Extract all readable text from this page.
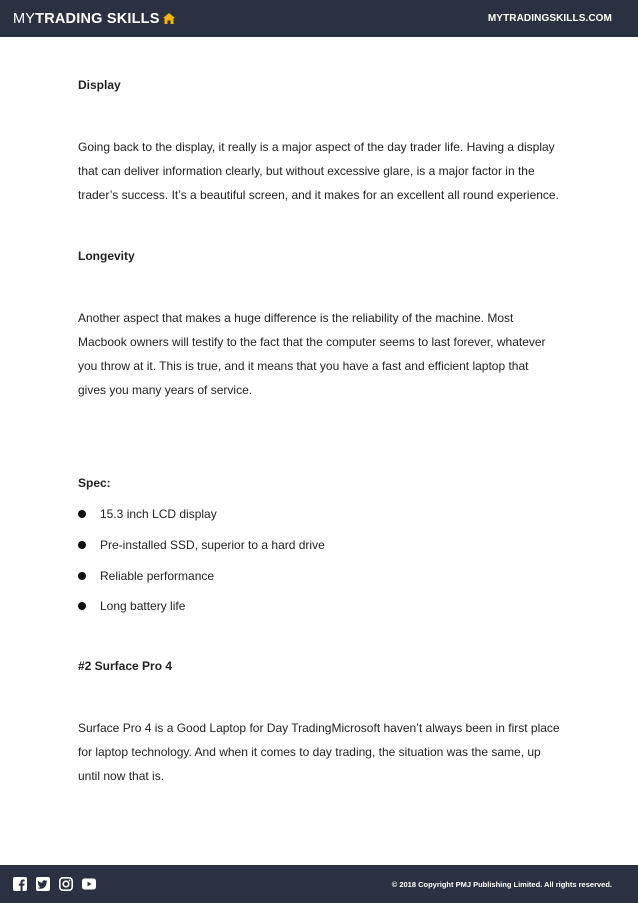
MY TRADING SKILLS	MYTRADINGSKILLS.COM
Display
Going back to the display, it really is a major aspect of the day trader life. Having a display
that can deliver information clearly, but without excessive glare, is a major factor in the
trader’s success. It’s a beautiful screen, and it makes for an excellent all round experience.
Longevity
Another aspect that makes a huge difference is the reliability of the machine. Most
Macbook owners will testify to the fact that the computer seems to last forever, whatever
you throw at it. This is true, and it means that you have a fast and efficient laptop that
gives you many years of service.
Spec:
15.3 inch LCD display
Pre-installed SSD, superior to a hard drive
Reliable performance
Long battery life
#2 Surface Pro 4
Surface Pro 4 is a Good Laptop for Day TradingMicrosoft haven’t always been in first place
for laptop technology. And when it comes to day trading, the situation was the same, up
until now that is.
© 2018 Copyright PMJ Publishing Limited. All rights reserved.
